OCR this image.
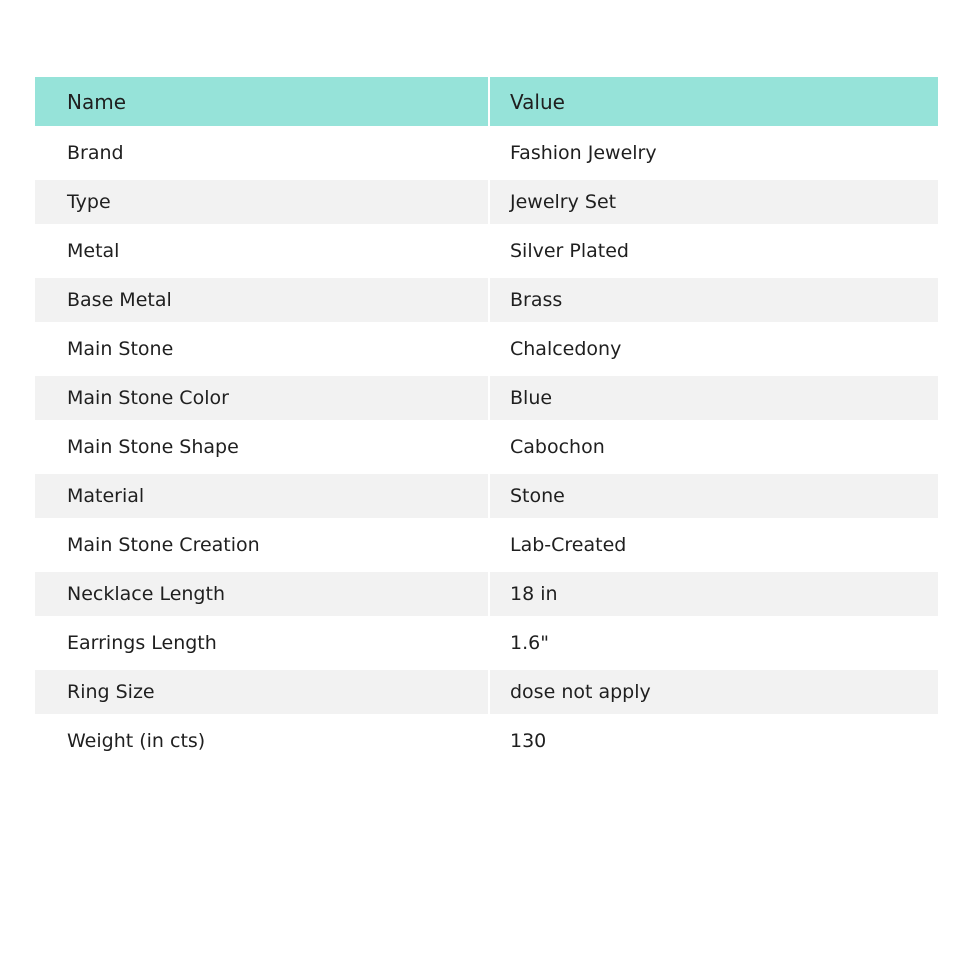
Name	Value
Brand	Fashion Jewelry
Type	Jewelry Set
Metal	Silver Plated
Base Metal	Brass
Main Stone	Chalcedony
Main Stone Color	Blue
Main Stone Shape	Cabochon
Material	Stone
Main Stone Creation	Lab-Created
Necklace Length	18 in
Earrings Length	1.6"
Ring Size	dose not apply
Weight (in cts)	130
